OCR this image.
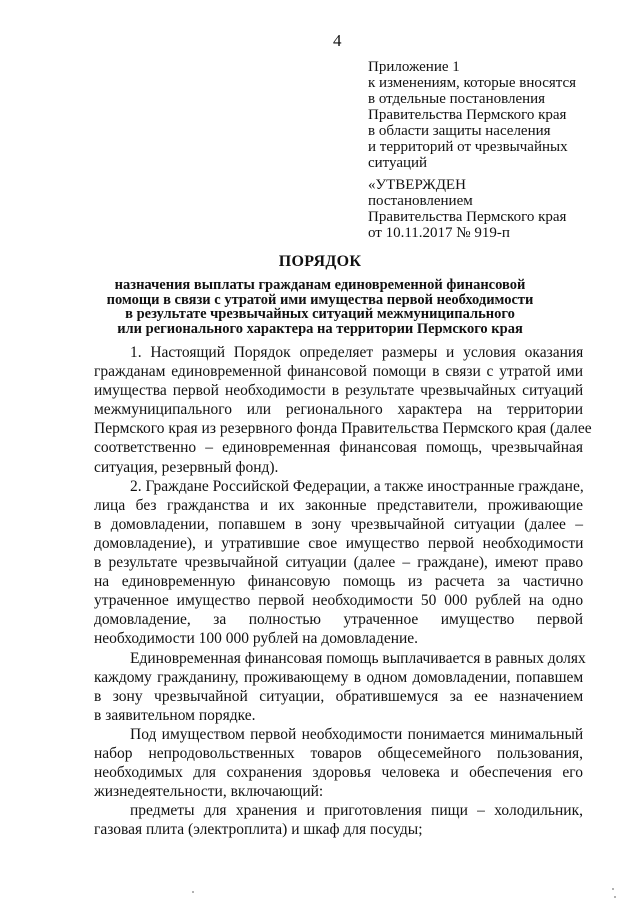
4
Приложение 1
к изменениям, которые вносятся
в отдельные постановления
Правительства Пермского края
в области защиты населения
и территорий от чрезвычайных
ситуаций
«УТВЕРЖДЕН
постановлением
Правительства Пермского края
от 10.11.2017 № 919-п
ПОРЯДОК
назначения выплаты гражданам единовременной финансовой
помощи в связи с утратой ими имущества первой необходимости
в результате чрезвычайных ситуаций межмуниципального
или регионального характера на территории Пермского края

1. Настоящий Порядок определяет размеры и условия оказания
гражданам единовременной финансовой помощи в связи с утратой ими
имущества первой необходимости в результате чрезвычайных ситуаций
межмуниципального или регионального характера на территории
Пермского края из резервного фонда Правительства Пермского края (далее
соответственно – единовременная финансовая помощь, чрезвычайная
ситуация, резервный фонд).

2. Граждане Российской Федерации, а также иностранные граждане,
лица без гражданства и их законные представители, проживающие
в домовладении, попавшем в зону чрезвычайной ситуации (далее –
домовладение), и утратившие свое имущество первой необходимости
в результате чрезвычайной ситуации (далее – граждане), имеют право
на единовременную финансовую помощь из расчета за частично
утраченное имущество первой необходимости 50 000 рублей на одно
домовладение, за полностью утраченное имущество первой
необходимости 100 000 рублей на домовладение.

Единовременная финансовая помощь выплачивается в равных долях
каждому гражданину, проживающему в одном домовладении, попавшем
в зону чрезвычайной ситуации, обратившемуся за ее назначением
в заявительном порядке.

Под имуществом первой необходимости понимается минимальный
набор непродовольственных товаров общесемейного пользования,
необходимых для сохранения здоровья человека и обеспечения его
жизнедеятельности, включающий:

предметы для хранения и приготовления пищи – холодильник,
газовая плита (электроплита) и шкаф для посуды;
